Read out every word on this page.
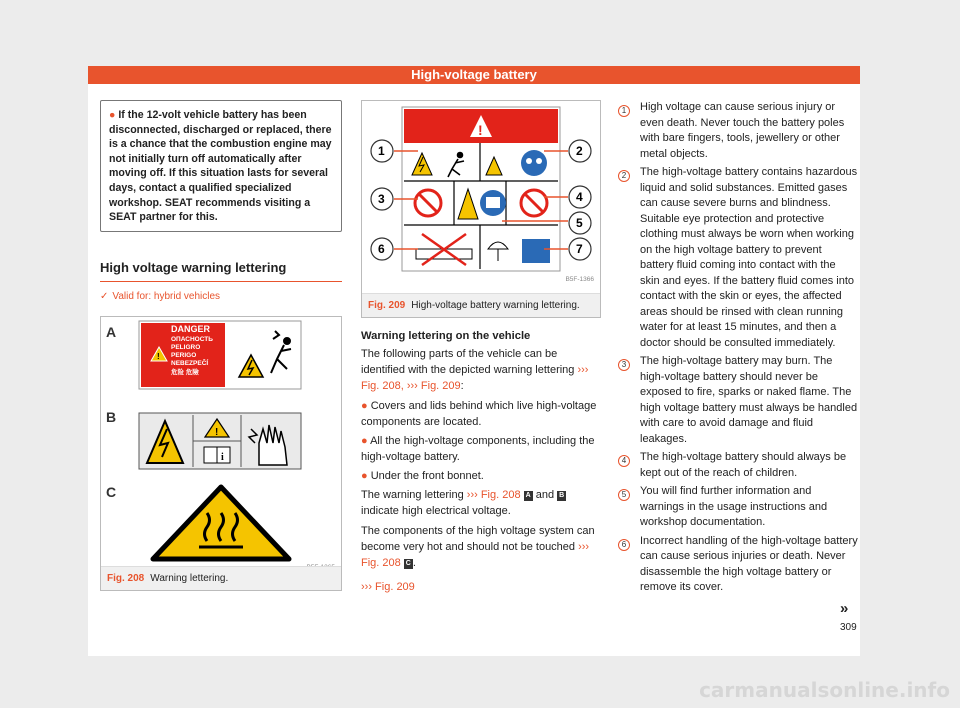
High-voltage battery
● If the 12-volt vehicle battery has been disconnected, discharged or replaced, there is a chance that the combustion engine may not initially turn off automatically after moving off. If this situation lasts for several days, contact a qualified specialized workshop. SEAT recommends visiting a SEAT partner for this.
High voltage warning lettering
✓ Valid for: hybrid vehicles
A
!
DANGER
ОПАСНОСТЬ
PELIGRO
PERIGO
NEBEZPEČÍ
危险 危險
B
!
i
C
Fig. 208 Warning lettering.
!
1	2
3	4
5
6	7
B5F-1366
Fig. 209 High-voltage battery warning lettering.
Warning lettering on the vehicle

The following parts of the vehicle can be identified with the depicted warning lettering ››› Fig. 208, ››› Fig. 209:

● Covers and lids behind which live high-voltage components are located.
● All the high-voltage components, including the high-voltage battery.
● Under the front bonnet.

The warning lettering ››› Fig. 208 A and B indicate high electrical voltage.

The components of the high voltage system can become very hot and should not be touched ››› Fig. 208 C .

››› Fig. 209

1	High voltage can cause serious injury or even death. Never touch the battery poles with bare fingers, tools, jewellery or other metal objects.
2	The high-voltage battery contains hazardous liquid and solid substances. Emitted gases can cause severe burns and blindness. Suitable eye protection and protective clothing must always be worn when working on the high voltage battery to prevent battery fluid coming into contact with the skin and eyes. If the battery fluid comes into contact with the skin or eyes, the affected areas should be rinsed with clean running water for at least 15 minutes, and then a doctor should be consulted immediately.
3	The high-voltage battery may burn. The high-voltage battery should never be exposed to fire, sparks or naked flame. The high voltage battery must always be handled with care to avoid damage and fluid leakages.
4	The high-voltage battery should always be kept out of the reach of children.
5	You will find further information and warnings in the usage instructions and workshop documentation.
6	Incorrect handling of the high-voltage battery can cause serious injuries or death. Never disassemble the high voltage battery or remove its cover.
»
309
carmanualsonline.info
